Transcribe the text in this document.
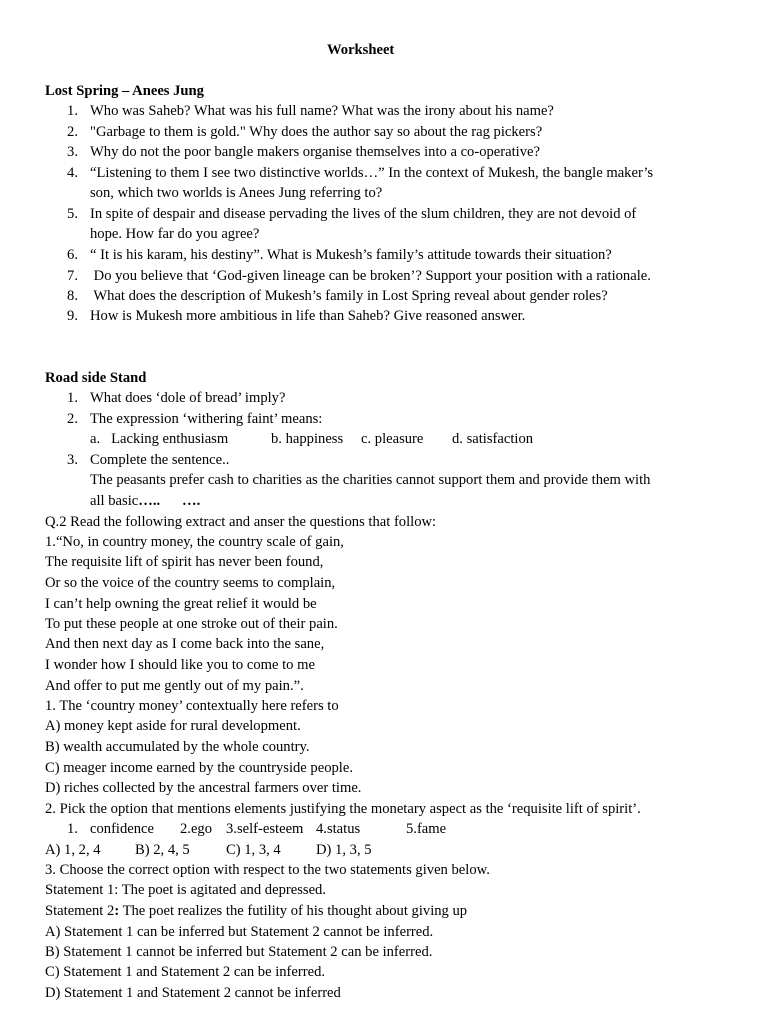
Worksheet
Lost Spring – Anees Jung
1. Who was Saheb? What was his full name? What was the irony about his name?
2. "Garbage to them is gold." Why does the author say so about the rag pickers?
3. Why do not the poor bangle makers organise themselves into a co-operative?
4. “Listening to them I see two distinctive worlds…” In the context of Mukesh, the bangle maker’s
son, which two worlds is Anees Jung referring to?
5. In spite of despair and disease pervading the lives of the slum children, they are not devoid of
hope. How far do you agree?
6. “ It is his karam, his destiny”. What is Mukesh’s family’s attitude towards their situation?
7. Do you believe that ‘God-given lineage can be broken’? Support your position with a rationale.
8. What does the description of Mukesh’s family in Lost Spring reveal about gender roles?
9. How is Mukesh more ambitious in life than Saheb? Give reasoned answer.
Road side Stand
1. What does ‘dole of bread’ imply?
2. The expression ‘withering faint’ means:
a.   Lacking enthusiasm	b. happiness c. pleasure d. satisfaction
3. Complete the sentence..
The peasants prefer cash to charities as the charities cannot support them and provide them with
all basic…..      ….
Q.2 Read the following extract and anser the questions that follow:
1.“No, in country money, the country scale of gain,
The requisite lift of spirit has never been found,
Or so the voice of the country seems to complain,
I can’t help owning the great relief it would be
To put these people at one stroke out of their pain.
And then next day as I come back into the sane,
I wonder how I should like you to come to me
And offer to put me gently out of my pain.”.
1. The ‘country money’ contextually here refers to
A) money kept aside for rural development.
B) wealth accumulated by the whole country.
C) meager income earned by the countryside people.
D) riches collected by the ancestral farmers over time.
2. Pick the option that mentions elements justifying the monetary aspect as the ‘requisite lift of spirit’.
1. confidence 2.ego 3.self-esteem 4.status	5.fame
A) 1, 2, 4 B) 2, 4, 5 C) 1, 3, 4 D) 1, 3, 5
3. Choose the correct option with respect to the two statements given below.
Statement 1: The poet is agitated and depressed.
Statement 2: The poet realizes the futility of his thought about giving up
A) Statement 1 can be inferred but Statement 2 cannot be inferred.
B) Statement 1 cannot be inferred but Statement 2 can be inferred.
C) Statement 1 and Statement 2 can be inferred.
D) Statement 1 and Statement 2 cannot be inferred
